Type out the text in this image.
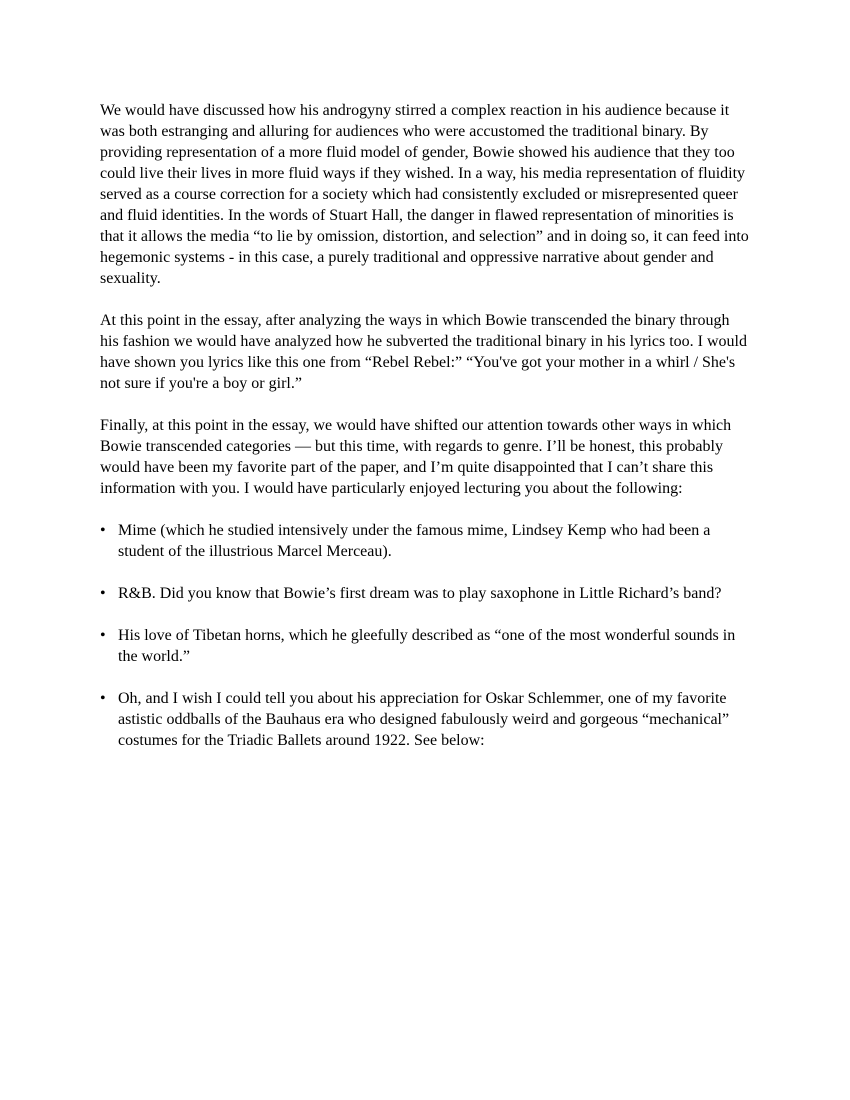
We would have discussed how his androgyny stirred a complex reaction in his audience because it was both estranging and alluring for audiences who were accustomed the traditional binary. By providing representation of a more fluid model of gender, Bowie showed his audience that they too could live their lives in more fluid ways if they wished. In a way, his media representation of fluidity served as a course correction for a society which had consistently excluded or misrepresented queer and fluid identities. In the words of Stuart Hall, the danger in flawed representation of minorities is that it allows the media “to lie by omission, distortion, and selection” and in doing so, it can feed into hegemonic systems - in this case, a purely traditional and oppressive narrative about gender and sexuality.

At this point in the essay, after analyzing the ways in which Bowie transcended the binary through his fashion we would have analyzed how he subverted the traditional binary in his lyrics too. I would have shown you lyrics like this one from “Rebel Rebel:” “You've got your mother in a whirl / She's not sure if you're a boy or girl.”

Finally, at this point in the essay, we would have shifted our attention towards other ways in which Bowie transcended categories — but this time, with regards to genre. I’ll be honest, this probably would have been my favorite part of the paper, and I’m quite disappointed that I can’t share this information with you. I would have particularly enjoyed lecturing you about the following:

• Mime (which he studied intensively under the famous mime, Lindsey Kemp who had been a student of the illustrious Marcel Merceau).
• R&B. Did you know that Bowie’s first dream was to play saxophone in Little Richard’s band?
• His love of Tibetan horns, which he gleefully described as “one of the most wonderful sounds in the world.”
• Oh, and I wish I could tell you about his appreciation for Oskar Schlemmer, one of my favorite astistic oddballs of the Bauhaus era who designed fabulously weird and gorgeous “mechanical” costumes for the Triadic Ballets around 1922. See below:
